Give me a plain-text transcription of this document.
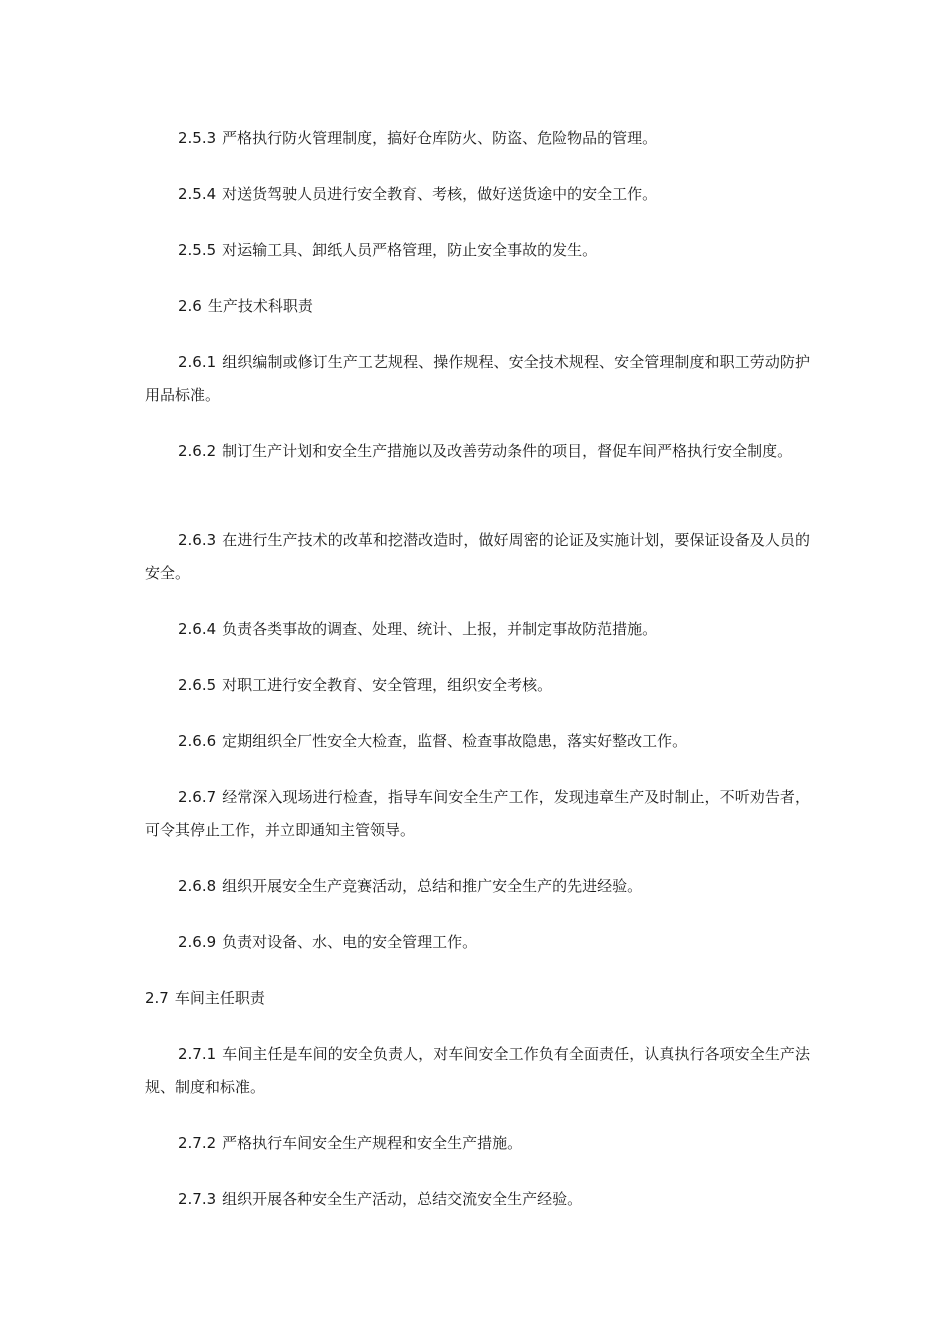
2.5.3 严格执行防火管理制度，搞好仓库防火、防盗、危险物品的管理。

2.5.4 对送货驾驶人员进行安全教育、考核，做好送货途中的安全工作。

2.5.5 对运输工具、卸纸人员严格管理，防止安全事故的发生。

2.6 生产技术科职责

2.6.1 组织编制或修订生产工艺规程、操作规程、安全技术规程、安全管理制度和职工劳动防护用品标准。

2.6.2 制订生产计划和安全生产措施以及改善劳动条件的项目，督促车间严格执行安全制度。

2.6.3 在进行生产技术的改革和挖潜改造时，做好周密的论证及实施计划，要保证设备及人员的安全。

2.6.4 负责各类事故的调查、处理、统计、上报，并制定事故防范措施。

2.6.5 对职工进行安全教育、安全管理，组织安全考核。

2.6.6 定期组织全厂性安全大检查，监督、检查事故隐患，落实好整改工作。

2.6.7 经常深入现场进行检查，指导车间安全生产工作，发现违章生产及时制止，不听劝告者，可令其停止工作，并立即通知主管领导。

2.6.8 组织开展安全生产竞赛活动，总结和推广安全生产的先进经验。

2.6.9 负责对设备、水、电的安全管理工作。

2.7 车间主任职责

2.7.1 车间主任是车间的安全负责人，对车间安全工作负有全面责任，认真执行各项安全生产法规、制度和标准。

2.7.2 严格执行车间安全生产规程和安全生产措施。

2.7.3 组织开展各种安全生产活动，总结交流安全生产经验。
